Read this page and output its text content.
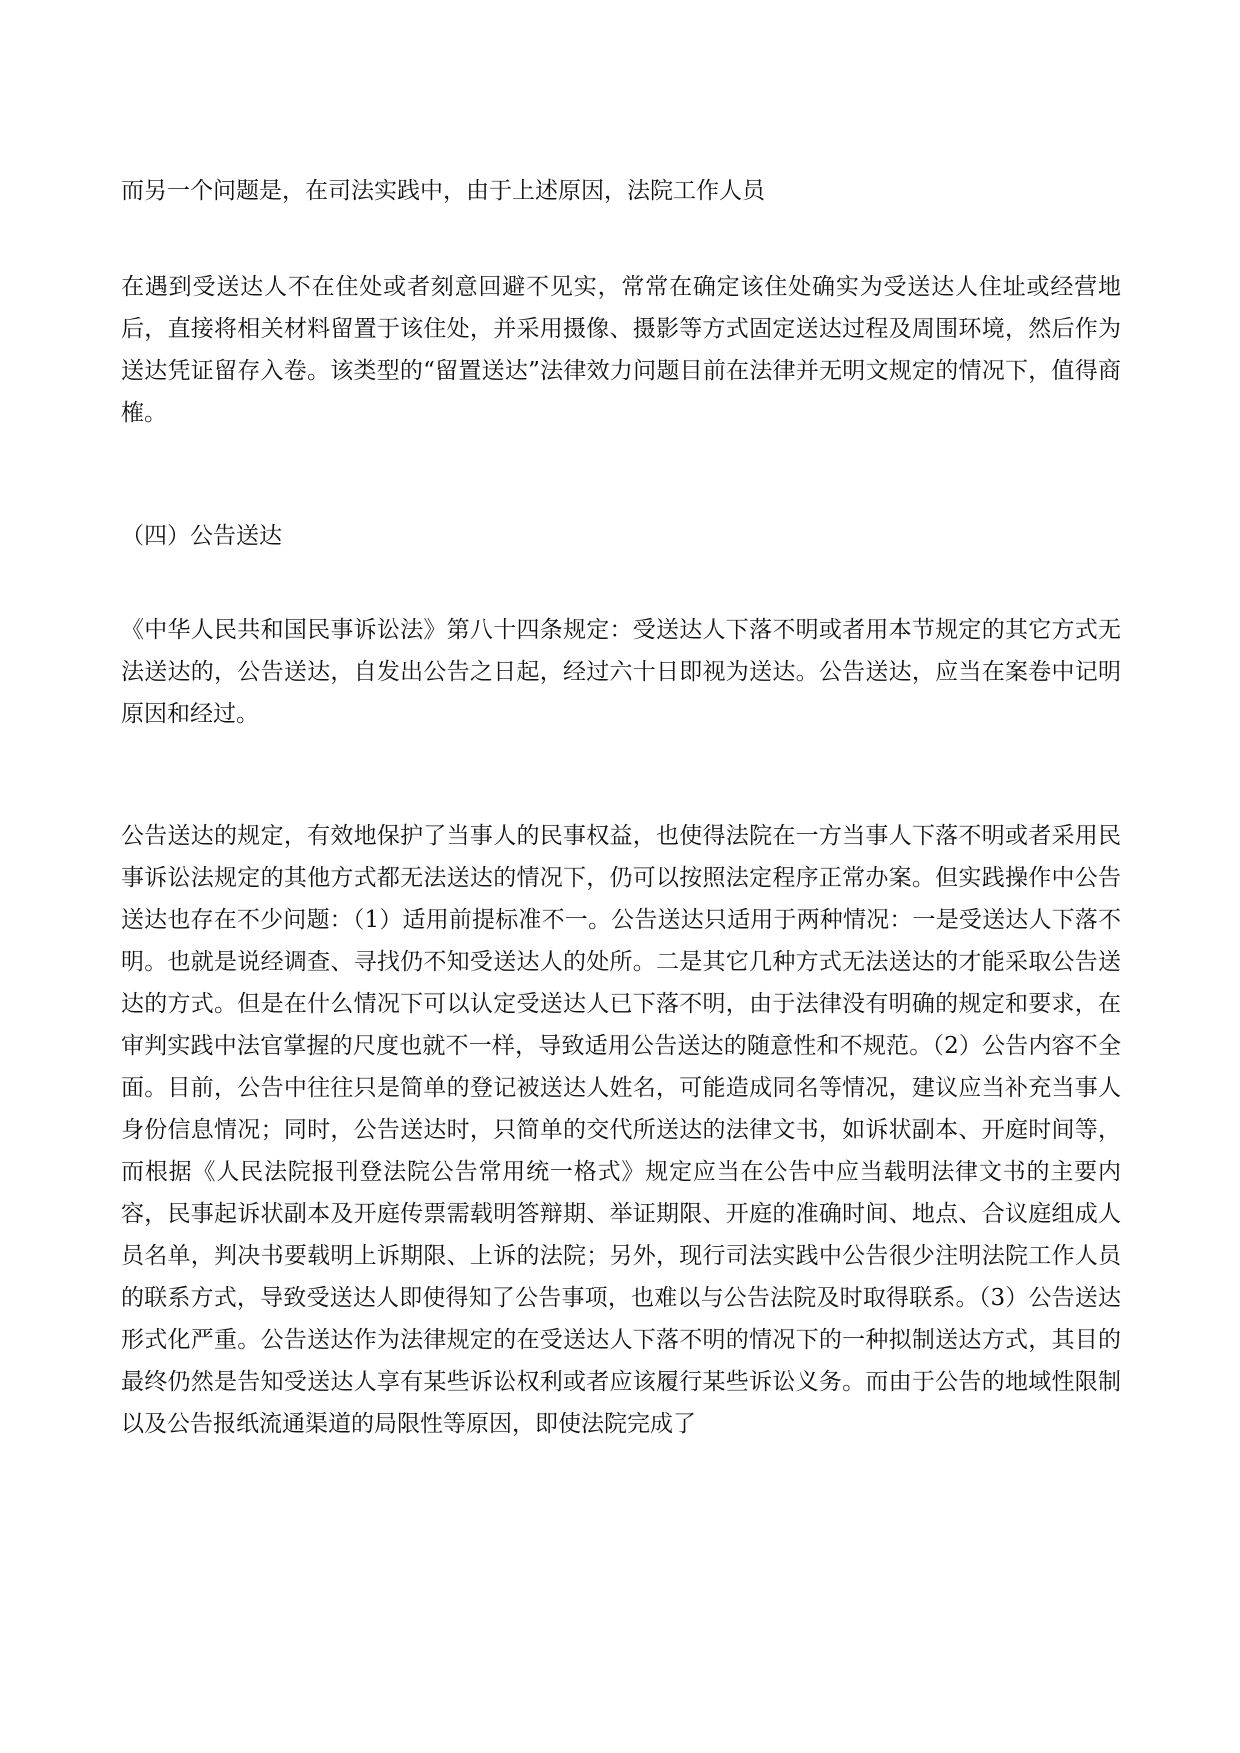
而另一个问题是，在司法实践中，由于上述原因，法院工作人员

在遇到受送达人不在住处或者刻意回避不见实，常常在确定该住处确实为受送达人住址或经营地后，直接将相关材料留置于该住处，并采用摄像、摄影等方式固定送达过程及周围环境，然后作为送达凭证留存入卷。该类型的“留置送达”法律效力问题目前在法律并无明文规定的情况下，值得商榷。

（四）公告送达

《中华人民共和国民事诉讼法》第八十四条规定：受送达人下落不明或者用本节规定的其它方式无法送达的，公告送达，自发出公告之日起，经过六十日即视为送达。公告送达，应当在案卷中记明原因和经过。

公告送达的规定，有效地保护了当事人的民事权益，也使得法院在一方当事人下落不明或者采用民事诉讼法规定的其他方式都无法送达的情况下，仍可以按照法定程序正常办案。但实践操作中公告送达也存在不少问题：（1）适用前提标准不一。公告送达只适用于两种情况：一是受送达人下落不明。也就是说经调查、寻找仍不知受送达人的处所。二是其它几种方式无法送达的才能采取公告送达的方式。但是在什么情况下可以认定受送达人已下落不明，由于法律没有明确的规定和要求，在审判实践中法官掌握的尺度也就不一样，导致适用公告送达的随意性和不规范。（2）公告内容不全面。目前，公告中往往只是简单的登记被送达人姓名，可能造成同名等情况，建议应当补充当事人身份信息情况；同时，公告送达时，只简单的交代所送达的法律文书，如诉状副本、开庭时间等，而根据《人民法院报刊登法院公告常用统一格式》规定应当在公告中应当载明法律文书的主要内容，民事起诉状副本及开庭传票需载明答辩期、举证期限、开庭的准确时间、地点、合议庭组成人员名单，判决书要载明上诉期限、上诉的法院；另外，现行司法实践中公告很少注明法院工作人员的联系方式，导致受送达人即使得知了公告事项，也难以与公告法院及时取得联系。（3）公告送达形式化严重。公告送达作为法律规定的在受送达人下落不明的情况下的一种拟制送达方式，其目的最终仍然是告知受送达人享有某些诉讼权利或者应该履行某些诉讼义务。而由于公告的地域性限制以及公告报纸流通渠道的局限性等原因，即使法院完成了
